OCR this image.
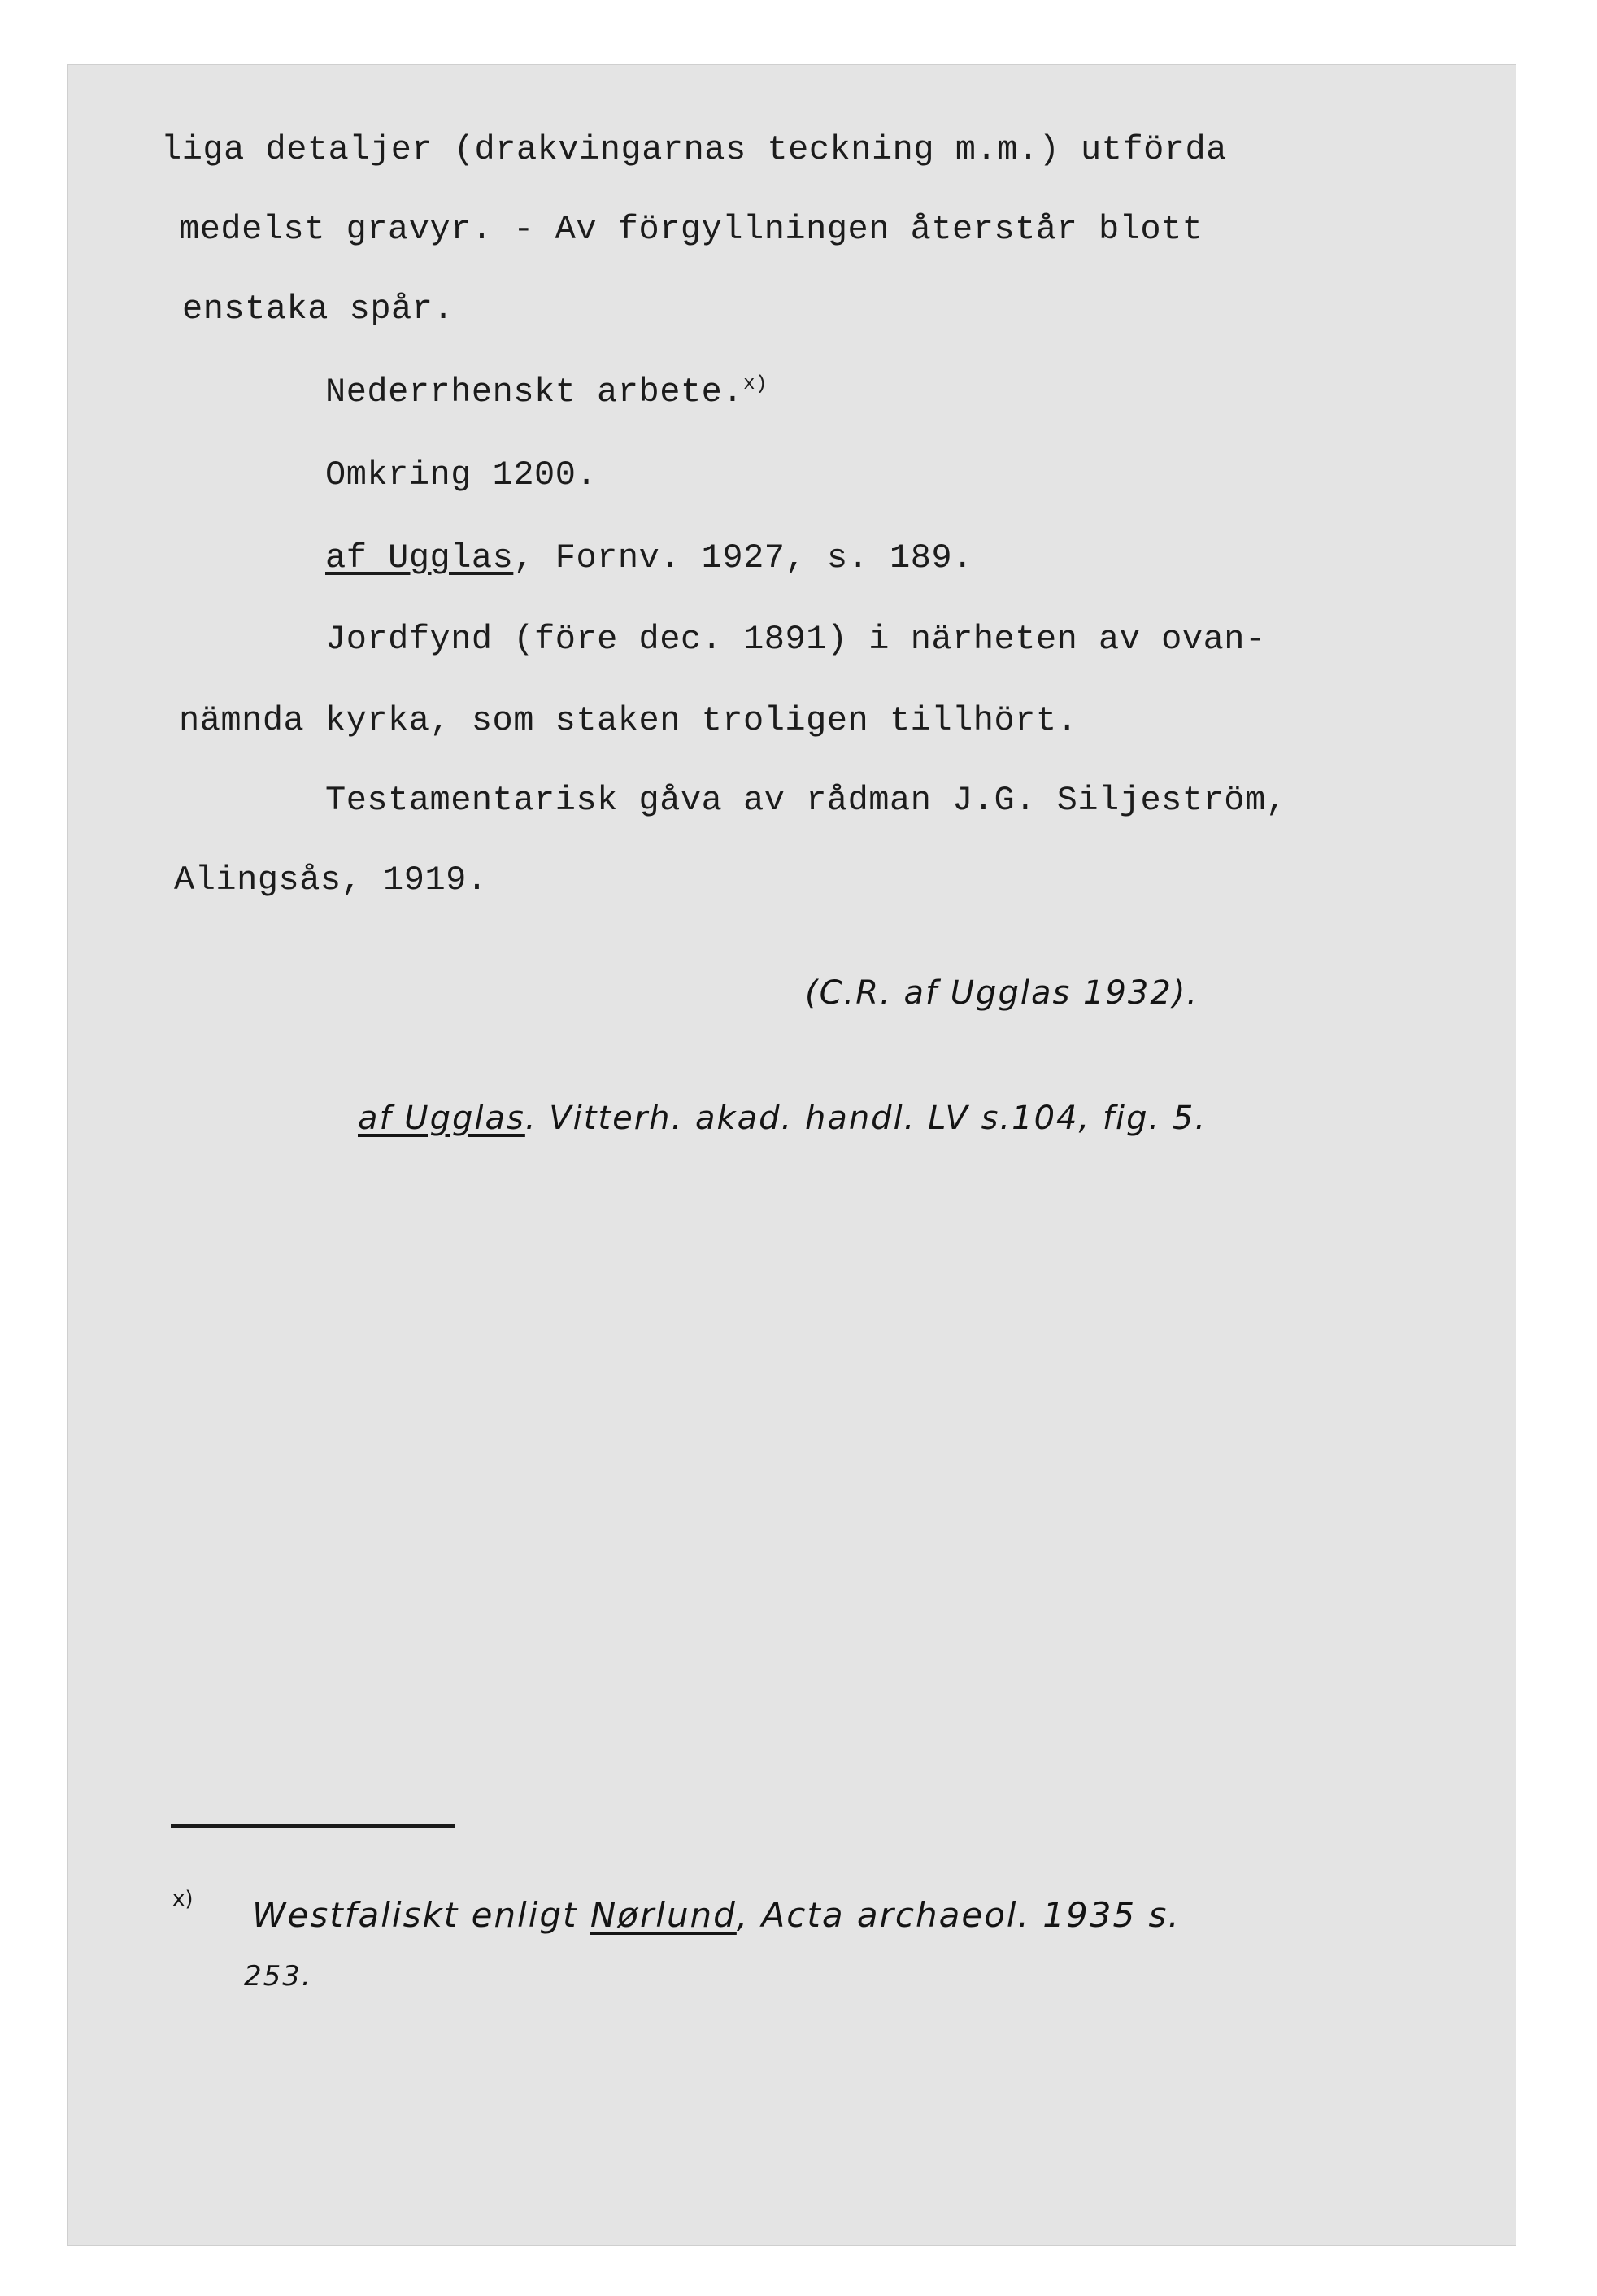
liga detaljer (drakvingarnas teckning m.m.) utförda
medelst gravyr. - Av förgyllningen återstår blott
enstaka spår.
Nederrhenskt arbete.$^{x)}$
Omkring 1200.
af Ugglas, Fornv. 1927, s. 189.
Jordfynd (före dec. 1891) i närheten av ovan-
nämnda kyrka, som staken troligen tillhört.
Testamentarisk gåva av rådman J.G. Siljeström,
Alingsås, 1919.
(C.R. af Ugglas 1932).
af Ugglas. Vitterh. akad. handl. LV s.104, fig. 5.
x) Westfaliskt enligt Nørlund, Acta archaeol. 1935 s.
253.
